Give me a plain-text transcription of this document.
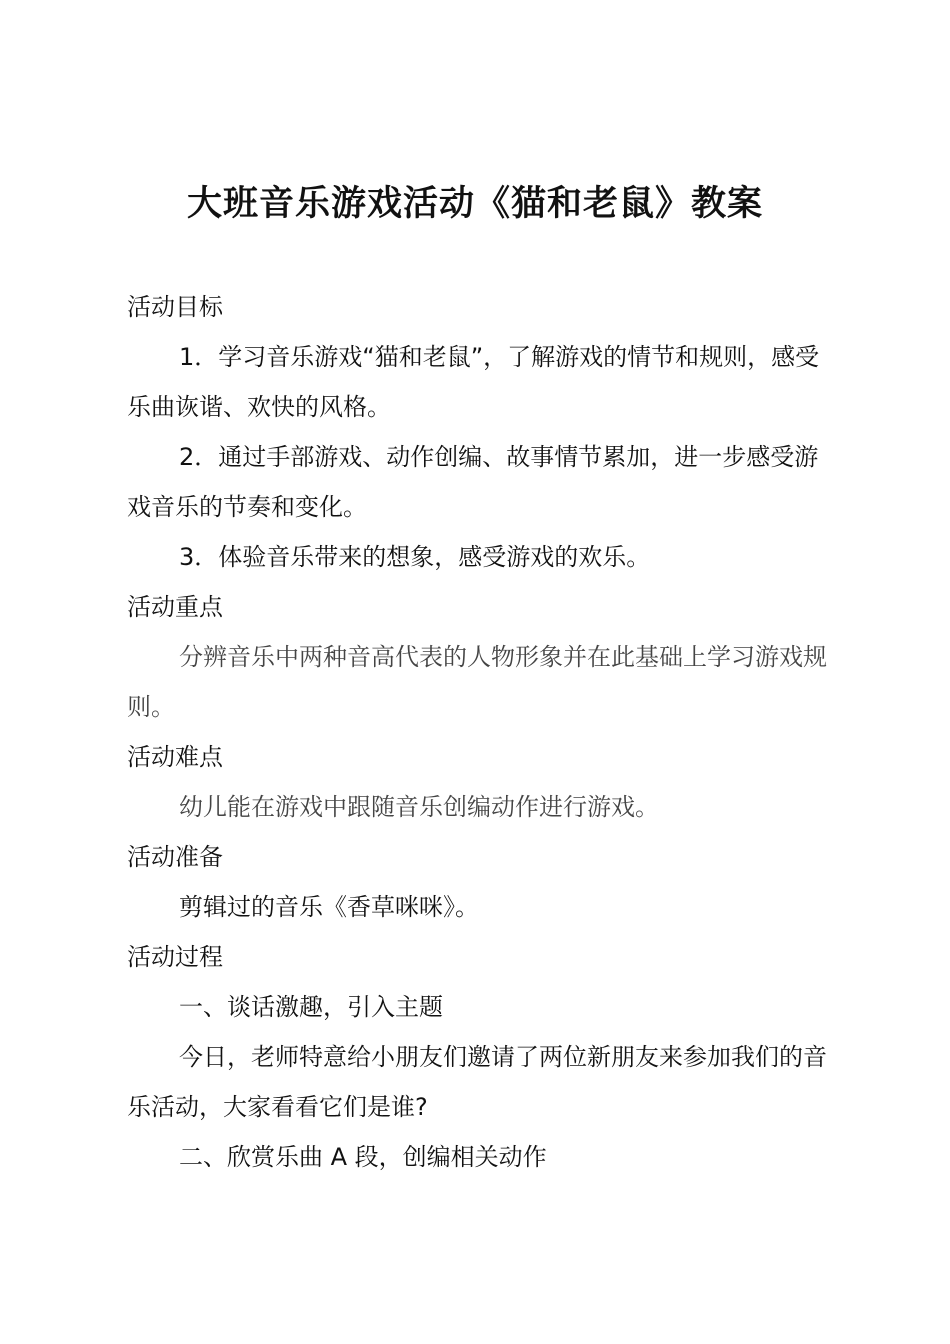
大班音乐游戏活动《猫和老鼠》教案

活动目标

1．学习音乐游戏“猫和老鼠”，了解游戏的情节和规则，感受乐曲诙谐、欢快的风格。

2．通过手部游戏、动作创编、故事情节累加，进一步感受游戏音乐的节奏和变化。

3．体验音乐带来的想象，感受游戏的欢乐。

活动重点

分辨音乐中两种音高代表的人物形象并在此基础上学习游戏规则。

活动难点

幼儿能在游戏中跟随音乐创编动作进行游戏。

活动准备

剪辑过的音乐《香草咪咪》。

活动过程

一、谈话激趣，引入主题

今日，老师特意给小朋友们邀请了两位新朋友来参加我们的音乐活动，大家看看它们是谁?

二、欣赏乐曲 A 段，创编相关动作
